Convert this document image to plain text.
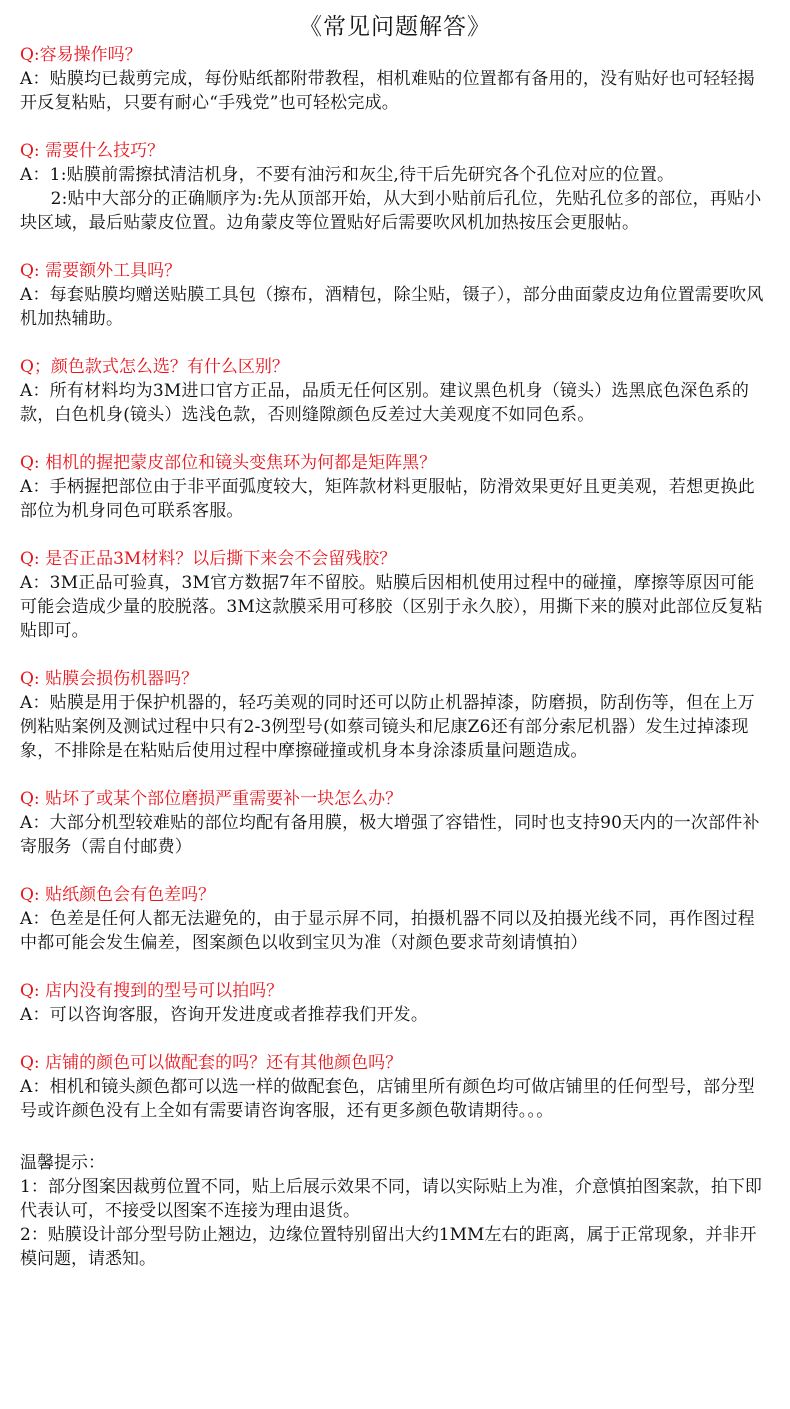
《常见问题解答》

Q:容易操作吗？

A：贴膜均已裁剪完成，每份贴纸都附带教程，相机难贴的位置都有备用的，没有贴好也可轻轻揭开反复粘贴，只要有耐心“手残党”也可轻松完成。

Q: 需要什么技巧？

A：1:贴膜前需擦拭清洁机身，不要有油污和灰尘,待干后先研究各个孔位对应的位置。

2:贴中大部分的正确顺序为:先从顶部开始，从大到小贴前后孔位，先贴孔位多的部位，再贴小块区域，最后贴蒙皮位置。边角蒙皮等位置贴好后需要吹风机加热按压会更服帖。

Q: 需要额外工具吗？

A：每套贴膜均赠送贴膜工具包（擦布，酒精包，除尘贴，镊子），部分曲面蒙皮边角位置需要吹风机加热辅助。

Q；颜色款式怎么选？有什么区别？

A：所有材料均为3M进口官方正品，品质无任何区别。建议黑色机身（镜头）选黑底色深色系的款，白色机身(镜头）选浅色款，否则缝隙颜色反差过大美观度不如同色系。

Q: 相机的握把蒙皮部位和镜头变焦环为何都是矩阵黑？

A：手柄握把部位由于非平面弧度较大，矩阵款材料更服帖，防滑效果更好且更美观，若想更换此部位为机身同色可联系客服。

Q: 是否正品3M材料？以后撕下来会不会留残胶？

A：3M正品可验真，3M官方数据7年不留胶。贴膜后因相机使用过程中的碰撞，摩擦等原因可能可能会造成少量的胶脱落。3M这款膜采用可移胶（区别于永久胶），用撕下来的膜对此部位反复粘贴即可。

Q: 贴膜会损伤机器吗？

A：贴膜是用于保护机器的，轻巧美观的同时还可以防止机器掉漆，防磨损，防刮伤等，但在上万例粘贴案例及测试过程中只有2-3例型号(如蔡司镜头和尼康Z6还有部分索尼机器）发生过掉漆现象，不排除是在粘贴后使用过程中摩擦碰撞或机身本身涂漆质量问题造成。

Q: 贴坏了或某个部位磨损严重需要补一块怎么办？

A：大部分机型较难贴的部位均配有备用膜，极大增强了容错性，同时也支持90天内的一次部件补寄服务（需自付邮费）

Q: 贴纸颜色会有色差吗？

A：色差是任何人都无法避免的，由于显示屏不同，拍摄机器不同以及拍摄光线不同，再作图过程中都可能会发生偏差，图案颜色以收到宝贝为准（对颜色要求苛刻请慎拍）

Q: 店内没有搜到的型号可以拍吗？

A：可以咨询客服，咨询开发进度或者推荐我们开发。

Q: 店铺的颜色可以做配套的吗？还有其他颜色吗？

A：相机和镜头颜色都可以选一样的做配套色，店铺里所有颜色均可做店铺里的任何型号，部分型号或许颜色没有上全如有需要请咨询客服，还有更多颜色敬请期待。。。

温馨提示：

1：部分图案因裁剪位置不同，贴上后展示效果不同，请以实际贴上为准，介意慎拍图案款，拍下即代表认可，不接受以图案不连接为理由退货。

2：贴膜设计部分型号防止翘边，边缘位置特别留出大约1MM左右的距离，属于正常现象，并非开模问题，请悉知。
